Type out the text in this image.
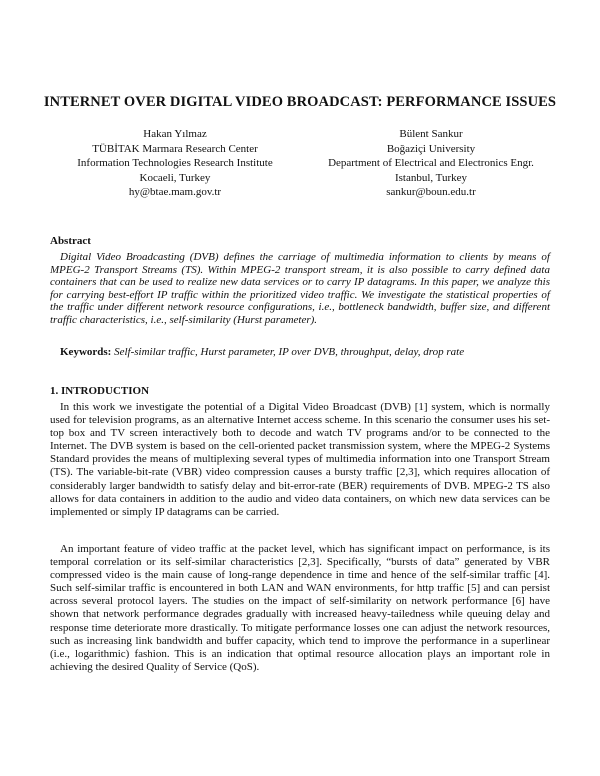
INTERNET OVER DIGITAL VIDEO BROADCAST: PERFORMANCE ISSUES
Hakan Yılmaz
TÜBİTAK Marmara Research Center
Information Technologies Research Institute
Kocaeli, Turkey
hy@btae.mam.gov.tr
Bülent Sankur
Boğaziçi University
Department of Electrical and Electronics Engr.
Istanbul, Turkey
sankur@boun.edu.tr
Abstract
Digital Video Broadcasting (DVB) defines the carriage of multimedia information to clients by means of MPEG-2 Transport Streams (TS). Within MPEG-2 transport stream, it is also possible to carry defined data containers that can be used to realize new data services or to carry IP datagrams. In this paper, we analyze this for carrying best-effort IP traffic within the prioritized video traffic. We investigate the statistical properties of the traffic under different network resource configurations, i.e., bottleneck bandwidth, buffer size, and different traffic characteristics, i.e., self-similarity (Hurst parameter).
Keywords: Self-similar traffic, Hurst parameter, IP over DVB, throughput, delay, drop rate
1. INTRODUCTION
In this work we investigate the potential of a Digital Video Broadcast (DVB) [1] system, which is normally used for television programs, as an alternative Internet access scheme. In this scenario the consumer uses his set-top box and TV screen interactively both to decode and watch TV programs and/or to be connected to the Internet. The DVB system is based on the cell-oriented packet transmission system, where the MPEG-2 Systems Standard provides the means of multiplexing several types of multimedia information into one Transport Stream (TS). The variable-bit-rate (VBR) video compression causes a bursty traffic [2,3], which requires allocation of considerably larger bandwidth to satisfy delay and bit-error-rate (BER) requirements of DVB. MPEG-2 TS also allows for data containers in addition to the audio and video data containers, on which new data services can be implemented or simply IP datagrams can be carried.
An important feature of video traffic at the packet level, which has significant impact on performance, is its temporal correlation or its self-similar characteristics [2,3]. Specifically, “bursts of data” generated by VBR compressed video is the main cause of long-range dependence in time and hence of the self-similar traffic [4]. Such self-similar traffic is encountered in both LAN and WAN environments, for http traffic [5] and can persist across several protocol layers. The studies on the impact of self-similarity on network performance [6] have shown that network performance degrades gradually with increased heavy-tailedness while queuing delay and response time deteriorate more drastically. To mitigate performance losses one can adjust the network resources, such as increasing link bandwidth and buffer capacity, which tend to improve the performance in a superlinear (i.e., logarithmic) fashion. This is an indication that optimal resource allocation plays an important role in achieving the desired Quality of Service (QoS).
